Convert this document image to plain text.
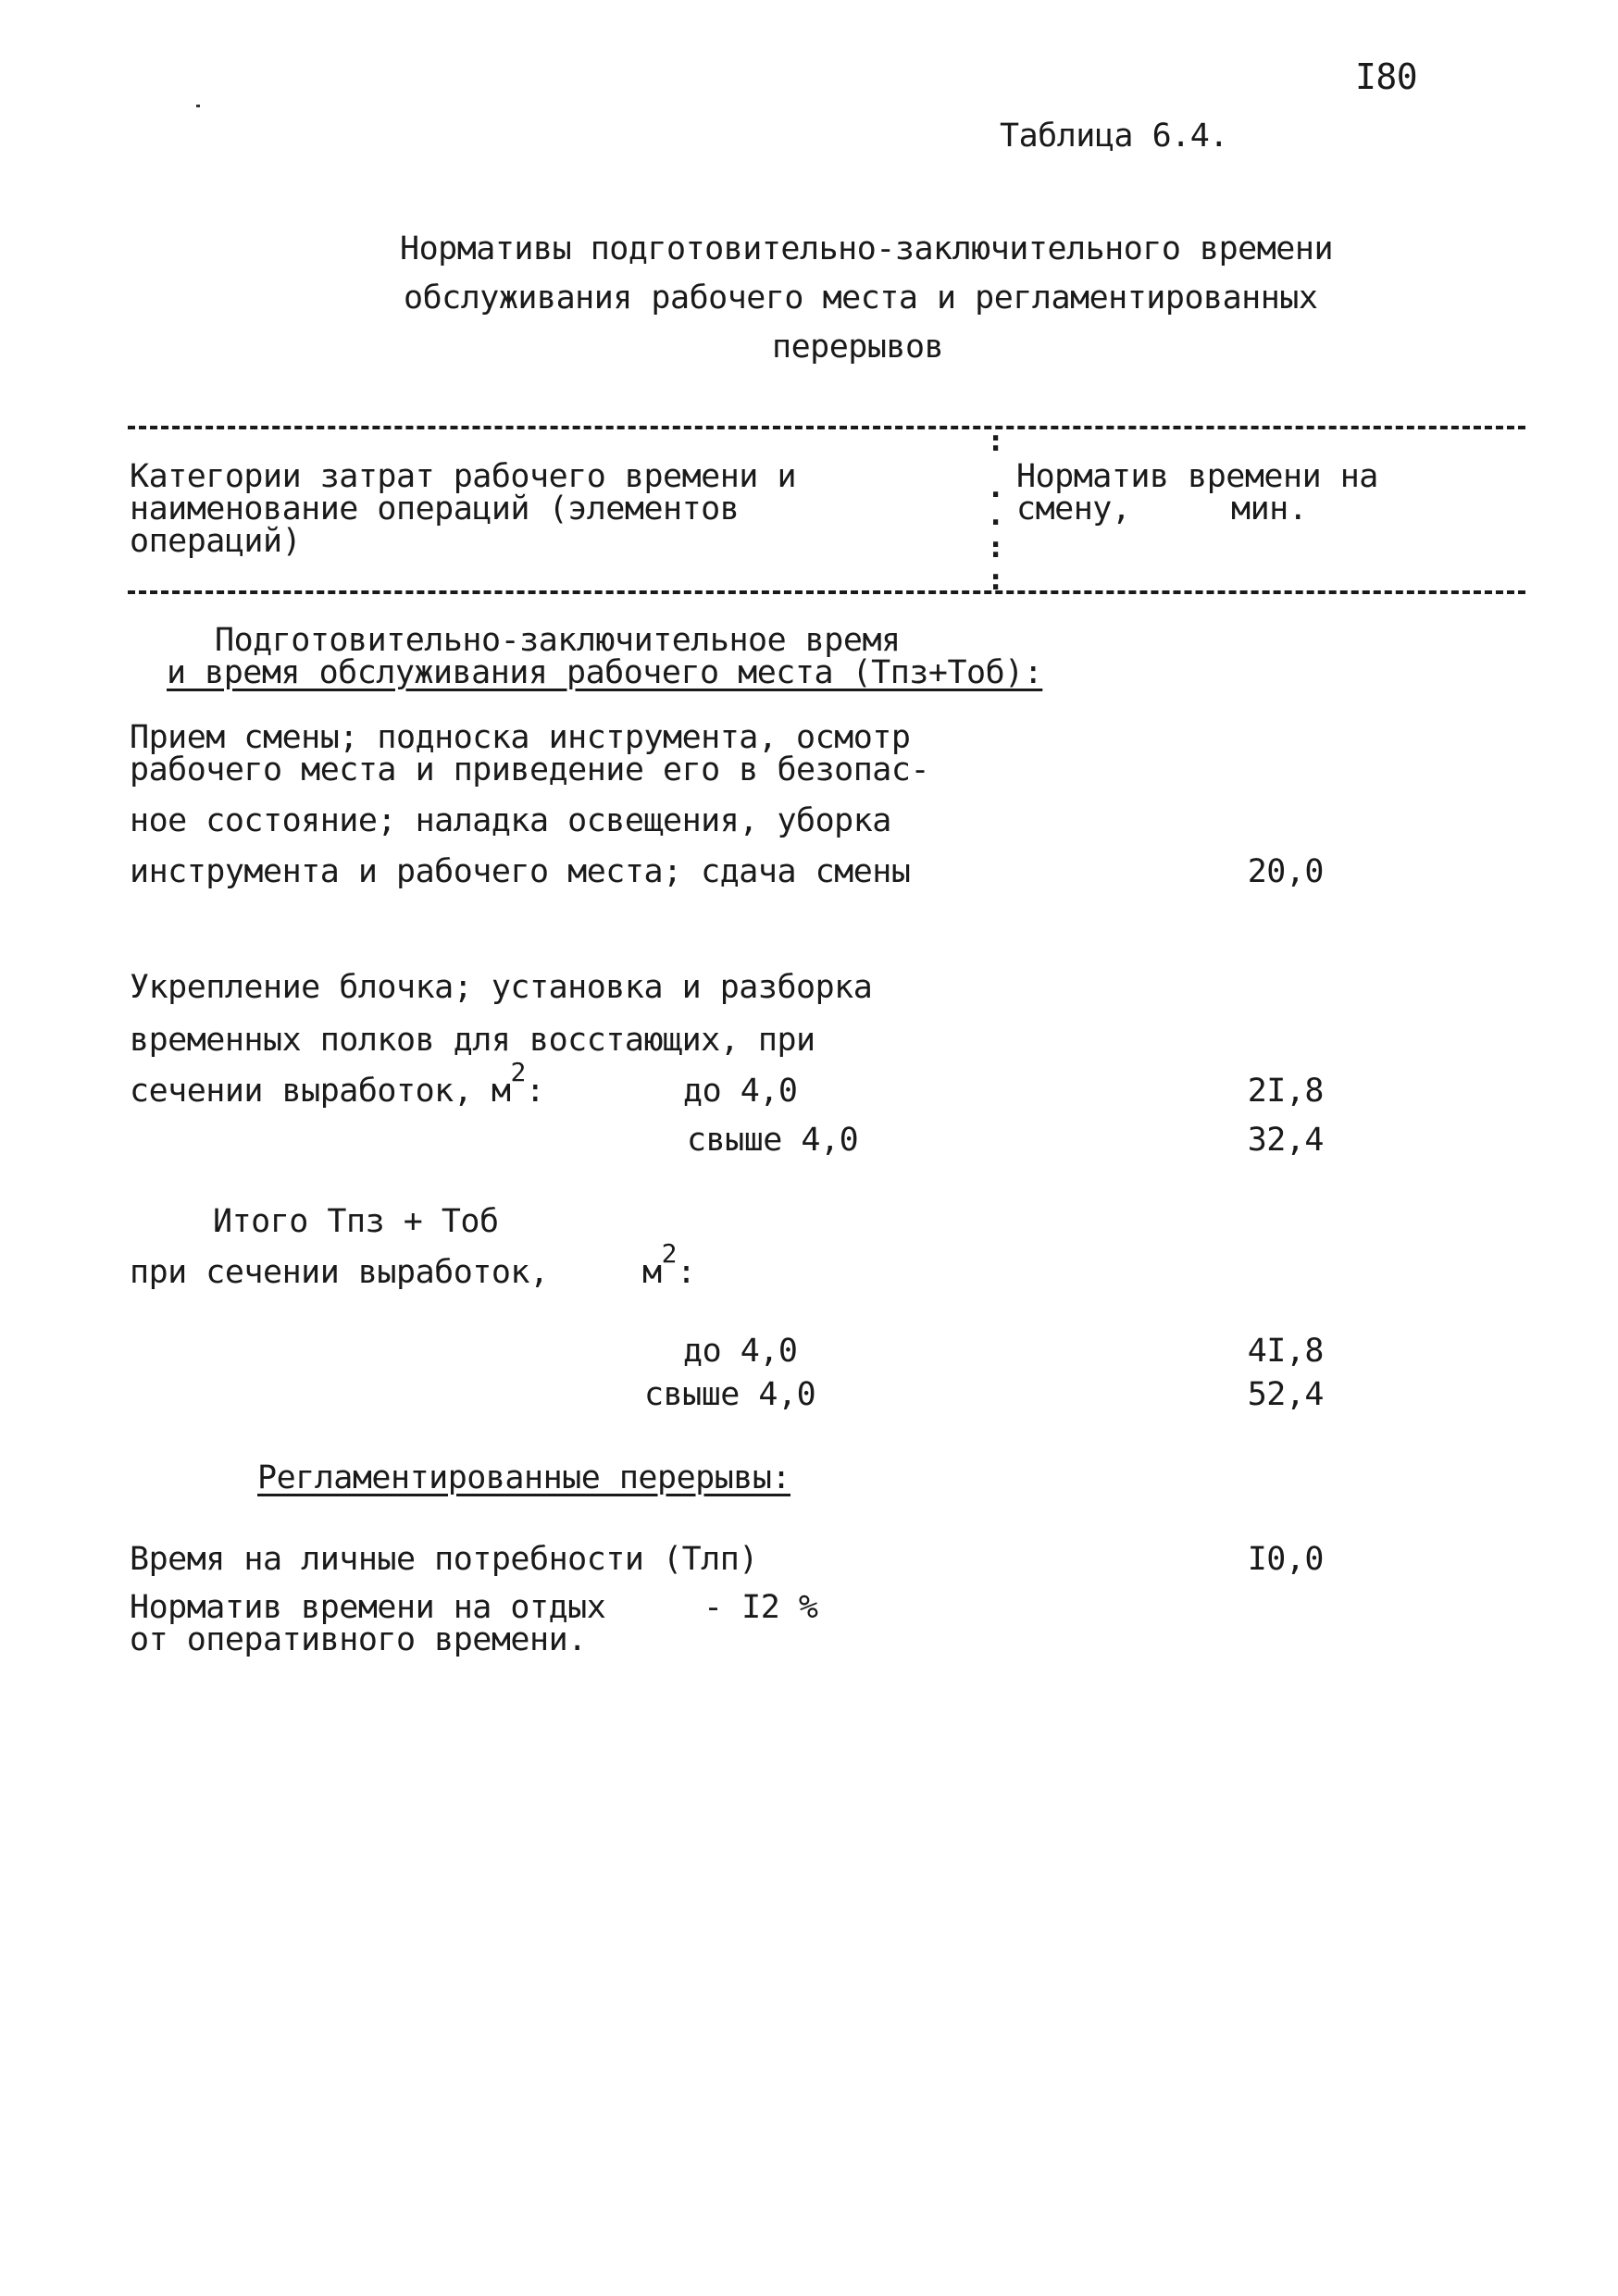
I80
Таблица 6.4.
Нормативы подготовительно-заключительного времени
обслуживания рабочего места и регламентированных
перерывов
:
.
.
:
:
Категории затрат рабочего времени и
наименование операций (элементов
операций)
Норматив времени на
смену,	мин.
Подготовительно-заключительное время
и время обслуживания рабочего места (Тпз+Тоб):
Прием смены; подноска инструмента, осмотр
рабочего места и приведение его в безопас-
ное состояние; наладка освещения, уборка
инструмента и рабочего места; сдача смены	20,0
Укрепление блочка; установка и разборка
временных полков для восстающих, при
сечении выработок, $м^2$:	до 4,0	2I,8
свыше 4,0	32,4
Итого Тпз + Тоб
при сечении выработок,	$м^2$:
до 4,0	4I,8
свыше 4,0	52,4
Регламентированные перерывы:
Время на личные потребности (Тлп)	I0,0
Норматив времени на отдых	- I2 %
от оперативного времени.
